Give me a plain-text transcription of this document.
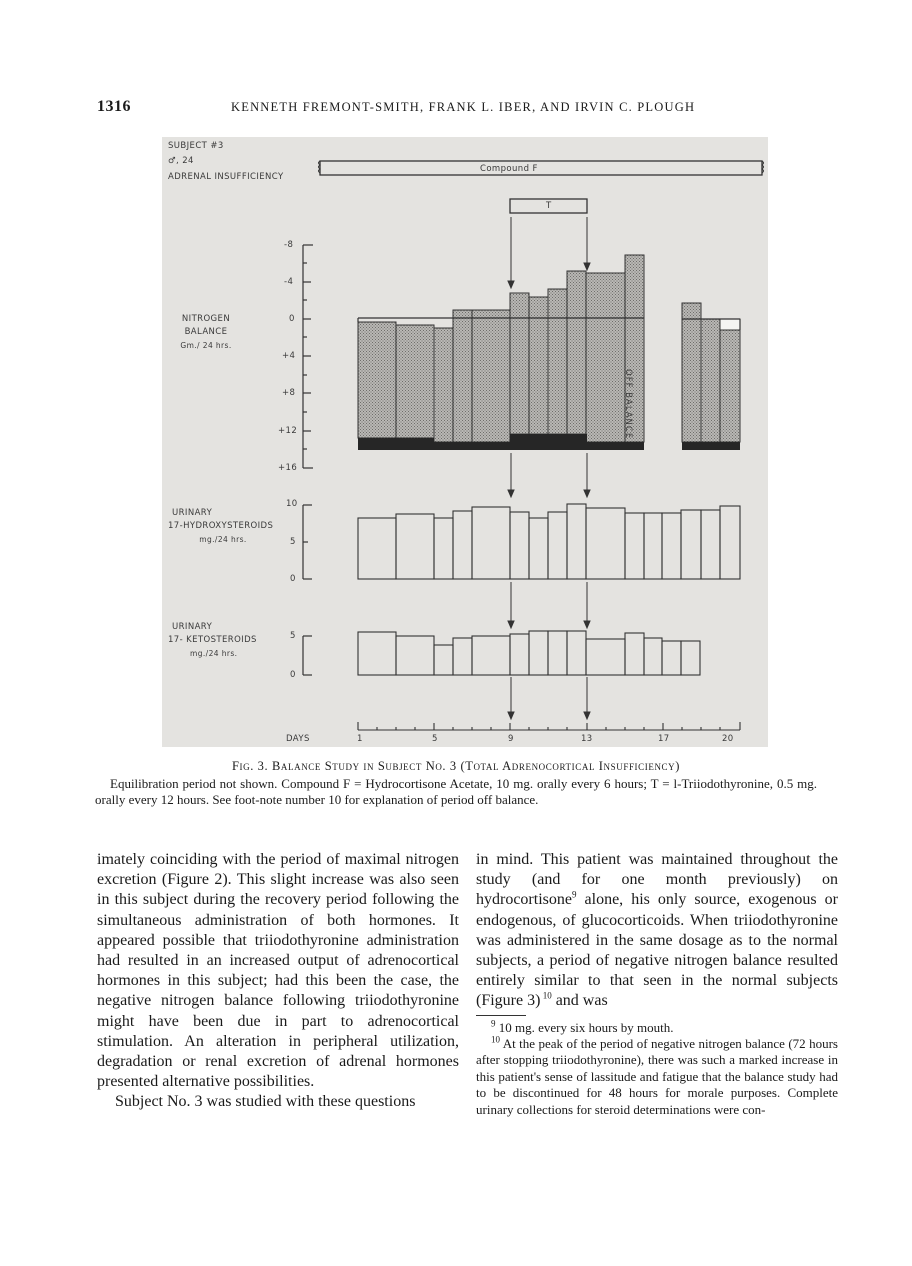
1316	KENNETH FREMONT-SMITH, FRANK L. IBER, AND IRVIN C. PLOUGH
SUBJECT #3
♂, 24
ADRENAL INSUFFICIENCY
Compound F
T
NITROGEN
BALANCE
Gm./ 24 hrs.
URINARY
17-HYDROXYSTEROIDS
mg./24 hrs.
URINARY
17- KETOSTEROIDS
mg./24 hrs.
-8
-4
0
+4
+8
+12
+16
10
5
0
5
0
OFF BALANCE
DAYS	1	5	9	13	17	20
Fig. 3. Balance Study in Subject No. 3 (Total Adrenocortical Insufficiency)
Equilibration period not shown. Compound F = Hydrocortisone Acetate, 10 mg. orally every 6 hours; T = l-Triiodothyronine, 0.5 mg. orally every 12 hours. See foot-note number 10 for explanation of period off balance.

imately coinciding with the period of maximal nitrogen excretion (Figure 2). This slight increase was also seen in this subject during the recovery period following the simultaneous administration of both hormones. It appeared possible that triiodothyronine administration had resulted in an increased output of adrenocortical hormones in this subject; had this been the case, the negative nitrogen balance following triiodothyronine might have been due in part to adrenocortical stimulation. An alteration in peripheral utilization, degradation or renal excretion of adrenal hormones presented alternative possibilities.

Subject No. 3 was studied with these questions

in mind. This patient was maintained throughout the study (and for one month previously) on hydrocortisone$^9$ alone, his only source, exogenous or endogenous, of glucocorticoids. When triiodothyronine was administered in the same dosage as to the normal subjects, a period of negative nitrogen balance resulted entirely similar to that seen in the normal subjects (Figure 3) $^{10}$ and was

$^9$ 10 mg. every six hours by mouth.

$^{10}$ At the peak of the period of negative nitrogen balance (72 hours after stopping triiodothyronine), there was such a marked increase in this patient's sense of lassitude and fatigue that the balance study had to be discontinued for 48 hours for morale purposes. Complete urinary collections for steroid determinations were con-
